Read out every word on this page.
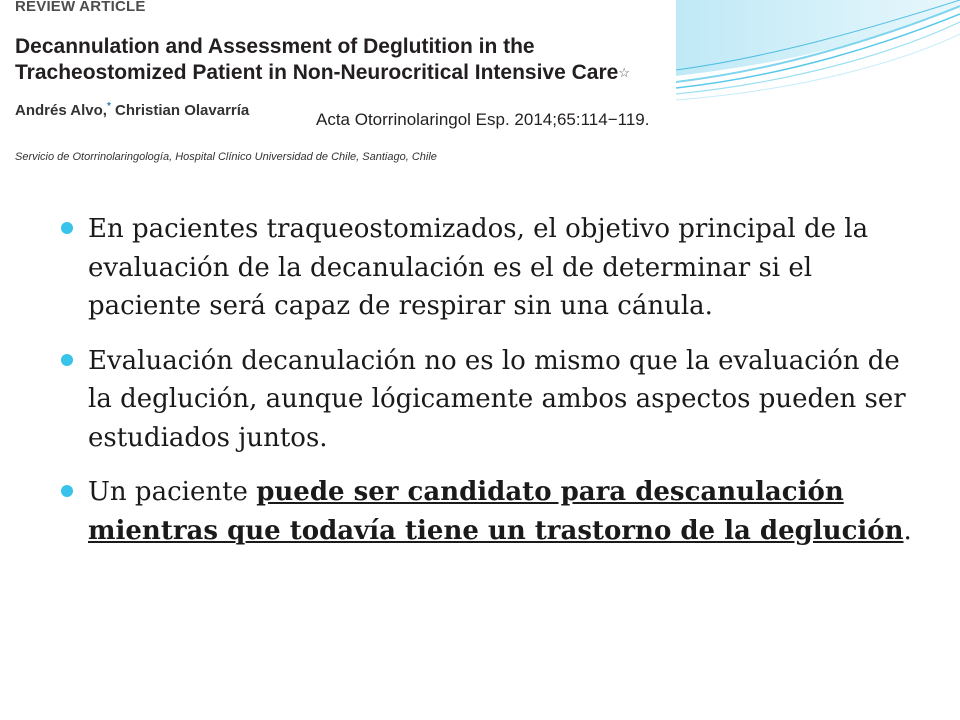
REVIEW ARTICLE
Decannulation and Assessment of Deglutition in the
Tracheostomized Patient in Non-Neurocritical Intensive Care☆
Andrés Alvo,* Christian Olavarría	Acta Otorrinolaringol Esp. 2014;65:114−119.
Servicio de Otorrinolaringología, Hospital Clínico Universidad de Chile, Santiago, Chile
En pacientes traqueostomizados, el objetivo principal de la evaluación de la decanulación es el de determinar si el paciente será capaz de respirar sin una cánula.
Evaluación decanulación no es lo mismo que la evaluación de la deglución, aunque lógicamente ambos aspectos pueden ser estudiados juntos.
Un paciente puede ser candidato para descanulación mientras que todavía tiene un trastorno de la deglución.
